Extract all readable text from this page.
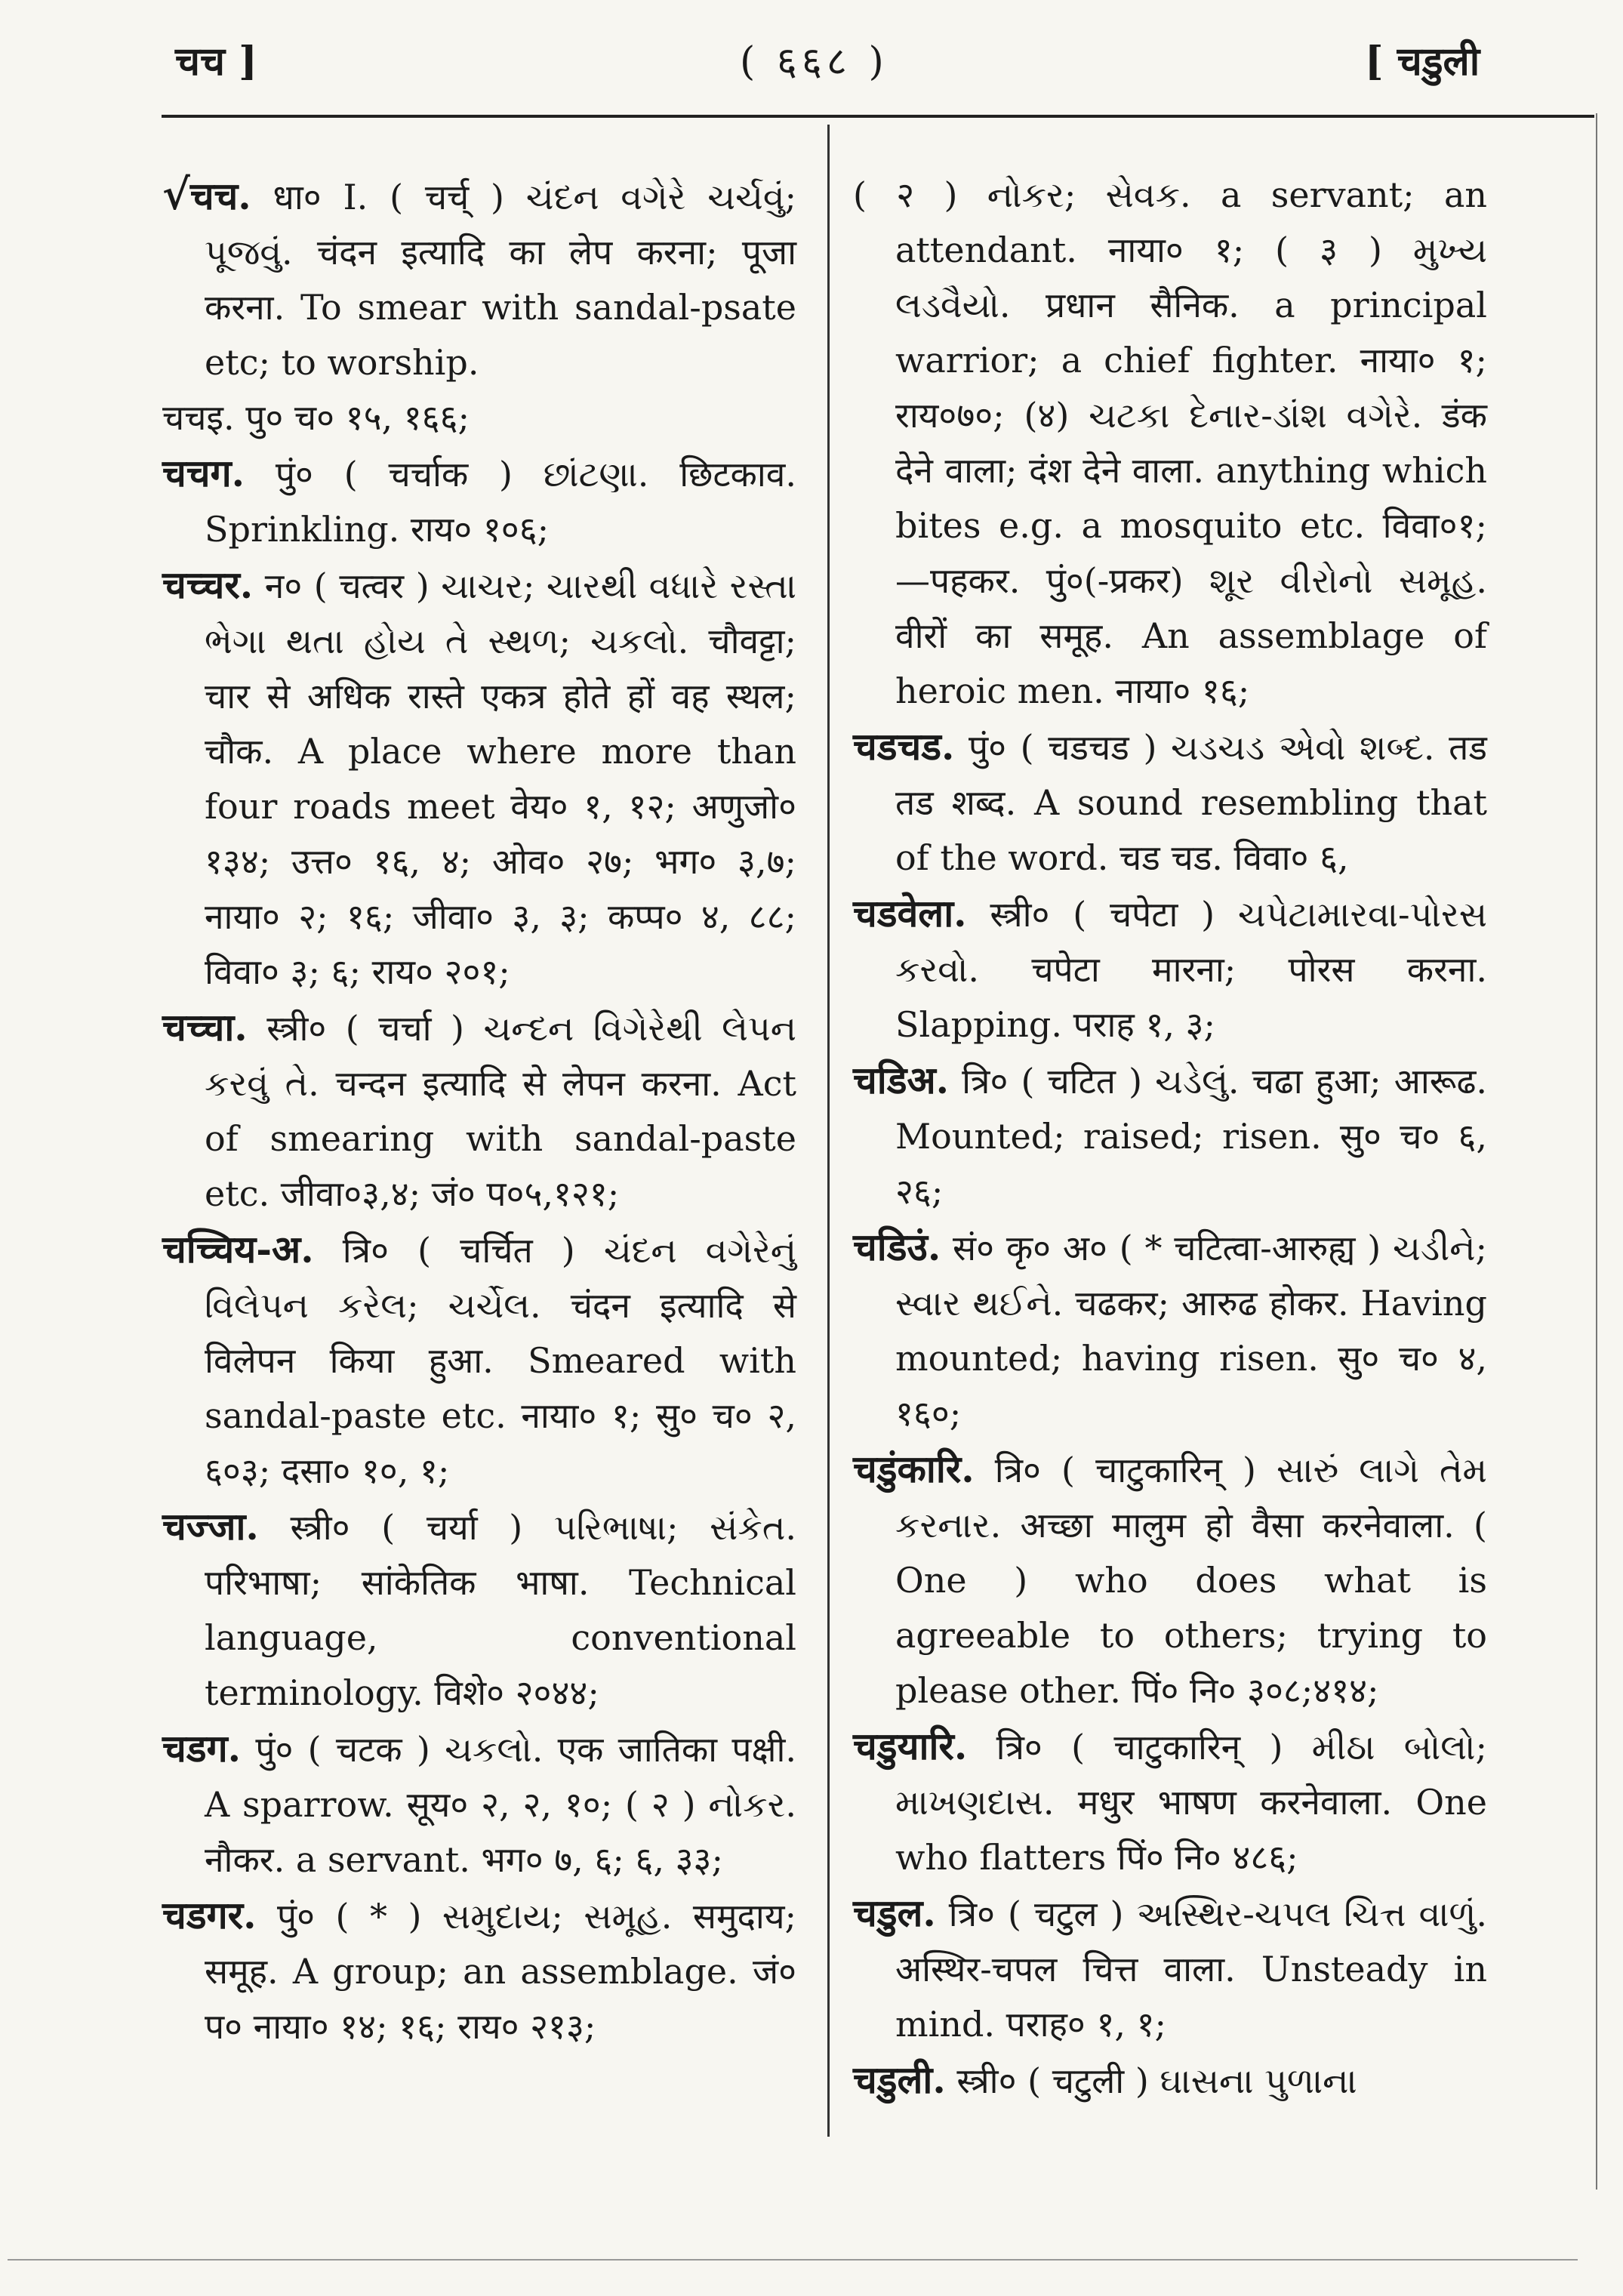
चच ]	( ६६८ )	[ चडुली

√चच. धा० I. ( चर्च् ) ચંદન વગેરે ચર્ચવું; પૂજવું. चंदन इत्यादि का लेप करना; पूजा करना. To smear with sandal-psate etc; to worship.

चचइ. पु० च० १५, १६६;

चचग. पुं० ( चर्चाक ) છાંટણા. छिटकाव. Sprinkling. राय० १०६;

चच्चर. न० ( चत्वर ) ચાચર; ચારથી વધારે રસ્તા ભેગા થતા હોય તે સ્થળ; ચકલો. चौवट्टा; चार से अधिक रास्ते एकत्र होते हों वह स्थल; चौक. A place where more than four roads meet वेय० १, १२; अणुजो० १३४; उत्त० १६, ४; ओव० २७; भग० ३,७; नाया० २; १६; जीवा० ३, ३; कप्प० ४, ८८; विवा० ३; ६; राय० २०१;

चच्चा. स्त्री० ( चर्चा ) ચન્દન વિગેરેથી લેપન કરવું તે. चन्दन इत्यादि से लेपन करना. Act of smearing with sandal-paste etc. जीवा०३,४; जं० प०५,१२१;

चच्चिय-अ. त्रि० ( चर्चित ) ચંદન વગેરેનું વિલેપન કરેલ; ચર્ચેલ. चंदन इत्यादि से विलेपन किया हुआ. Smeared with sandal-paste etc. नाया० १; सु० च० २, ६०३; दसा० १०, १;

चज्जा. स्त्री० ( चर्या ) પરિભાષા; સંકેત. परिभाषा; सांकेतिक भाषा. Technical language, conventional terminology. विशे० २०४४;

चडग. पुं० ( चटक ) ચકલો. एक जातिका पक्षी. A sparrow. सूय० २, २, १०; ( २ ) નોકર. नौकर. a servant. भग० ७, ६; ६, ३३;

चडगर. पुं० ( * ) સમુદાય; સમૂહ. समुदाय; समूह. A group; an assemblage. जं० प० नाया० १४; १६; राय० २१३;

( २ ) નોકર; સેવક. a servant; an attendant. नाया० १; ( ३ ) મુખ્ય લડવૈયો. प्रधान सैनिक. a principal warrior; a chief fighter. नाया० १; राय०७०; (४) ચટકા દેનાર-ડાંશ વગેરે. डंक देने वाला; दंश देने वाला. anything which bites e.g. a mosquito etc. विवा०१;—पहकर. पुं०(-प्रकर) શૂર વીરોનો સમૂહ. वीरों का समूह. An assemblage of heroic men. नाया० १६;

चडचड. पुं० ( चडचड ) ચડચડ એવો શબ્દ. तड तड शब्द. A sound resembling that of the word. चड चड. विवा० ६,

चडवेला. स्त्री० ( चपेटा ) ચપેટામારવા-પોરસ કરવો. चपेटा मारना; पोरस करना. Slapping. पराह १, ३;

चडिअ. त्रि० ( चटित ) ચડેલું. चढा हुआ; आरूढ. Mounted; raised; risen. सु० च० ६, २६;

चडिउं. सं० कृ० अ० ( * चटित्वा-आरुह्य ) ચડીને; સ્વાર થઈને. चढकर; आरुढ होकर. Having mounted; having risen. सु० च० ४, १६०;

चडुंकारि. त्रि० ( चाटुकारिन् ) સારું લાગે તેમ કરનાર. अच्छा मालुम हो वैसा करनेवाला. ( One ) who does what is agreeable to others; trying to please other. पिं० नि० ३०८;४१४;

चडुयारि. त्रि० ( चाटुकारिन् ) મીઠા બોલો; માખણદાસ. मधुर भाषण करनेवाला. One who flatters पिं० नि० ४८६;

चडुल. त्रि० ( चटुल ) અસ્થિર-ચપલ ચિત્ત વાળું. अस्थिर-चपल चित्त वाला. Unsteady in mind. पराह० १, १;

चडुली. स्त्री० ( चटुली ) ઘાસના પુળાના
